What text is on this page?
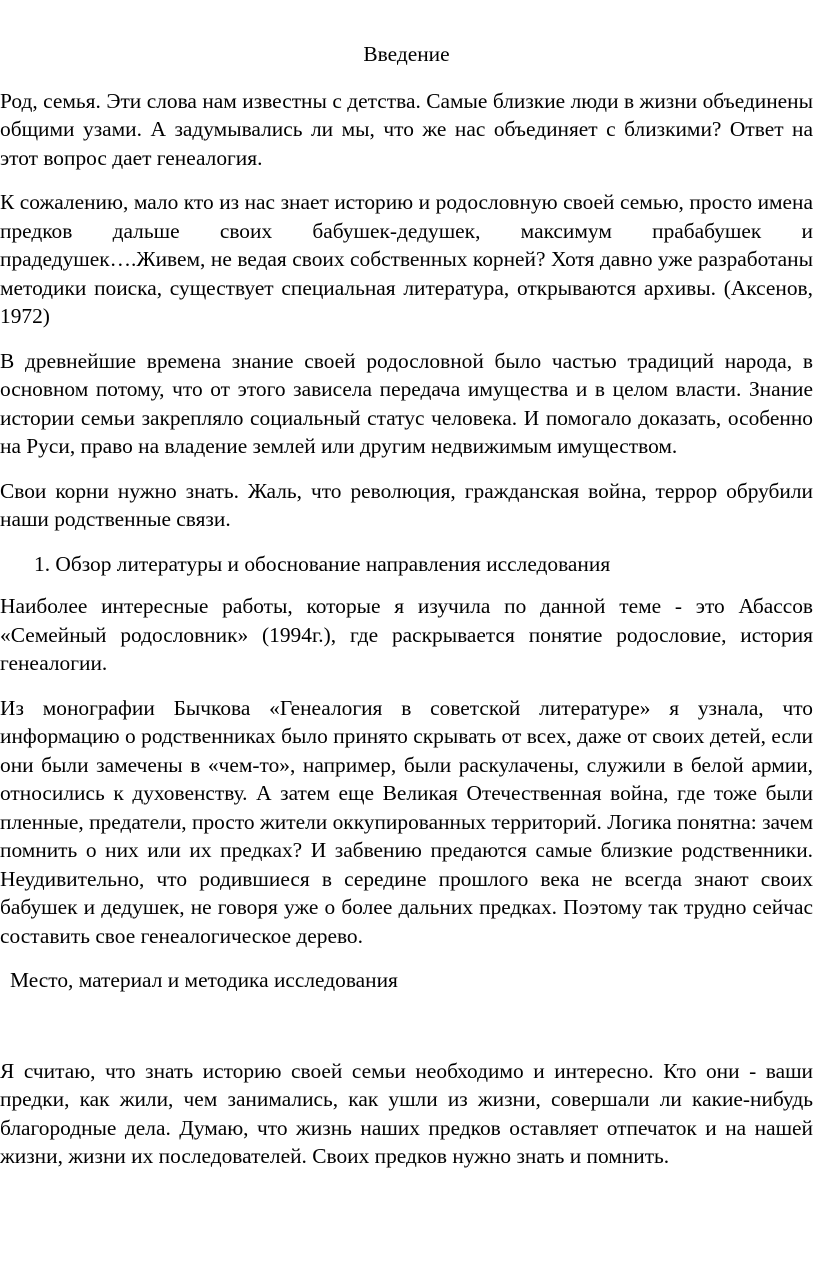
Введение

Род, семья. Эти слова нам известны с детства. Самые близкие люди в жизни объединены общими узами. А задумывались ли мы, что же нас объединяет с близкими? Ответ на этот вопрос дает генеалогия.

К сожалению, мало кто из нас знает историю и родословную своей семью, просто имена предков дальше своих бабушек-дедушек, максимум прабабушек и прадедушек….Живем, не ведая своих собственных корней? Хотя давно уже разработаны методики поиска, существует специальная литература, открываются архивы. (Аксенов, 1972)

В древнейшие времена знание своей родословной было частью традиций народа, в основном потому, что от этого зависела передача имущества и в целом власти. Знание истории семьи закрепляло социальный статус человека. И помогало доказать, особенно на Руси, право на владение землей или другим недвижимым имуществом.

Свои корни нужно знать. Жаль, что революция, гражданская война, террор обрубили наши родственные связи.

1. Обзор литературы и обоснование направления исследования

Наиболее интересные работы, которые я изучила по данной теме - это Абассов «Семейный родословник» (1994г.), где раскрывается понятие родословие, история генеалогии.

Из монографии Бычкова «Генеалогия в советской литературе» я узнала, что информацию о родственниках было принято скрывать от всех, даже от своих детей, если они были замечены в «чем-то», например, были раскулачены, служили в белой армии, относились к духовенству. А затем еще Великая Отечественная война, где тоже были пленные, предатели, просто жители оккупированных территорий. Логика понятна: зачем помнить о них или их предках? И забвению предаются самые близкие родственники. Неудивительно, что родившиеся в середине прошлого века не всегда знают своих бабушек и дедушек, не говоря уже о более дальних предках. Поэтому так трудно сейчас составить свое генеалогическое дерево.

Место, материал и методика исследования

Я считаю, что знать историю своей семьи необходимо и интересно. Кто они - ваши предки, как жили, чем занимались, как ушли из жизни, совершали ли какие-нибудь благородные дела. Думаю, что жизнь наших предков оставляет отпечаток и на нашей жизни, жизни их последователей. Своих предков нужно знать и помнить.
